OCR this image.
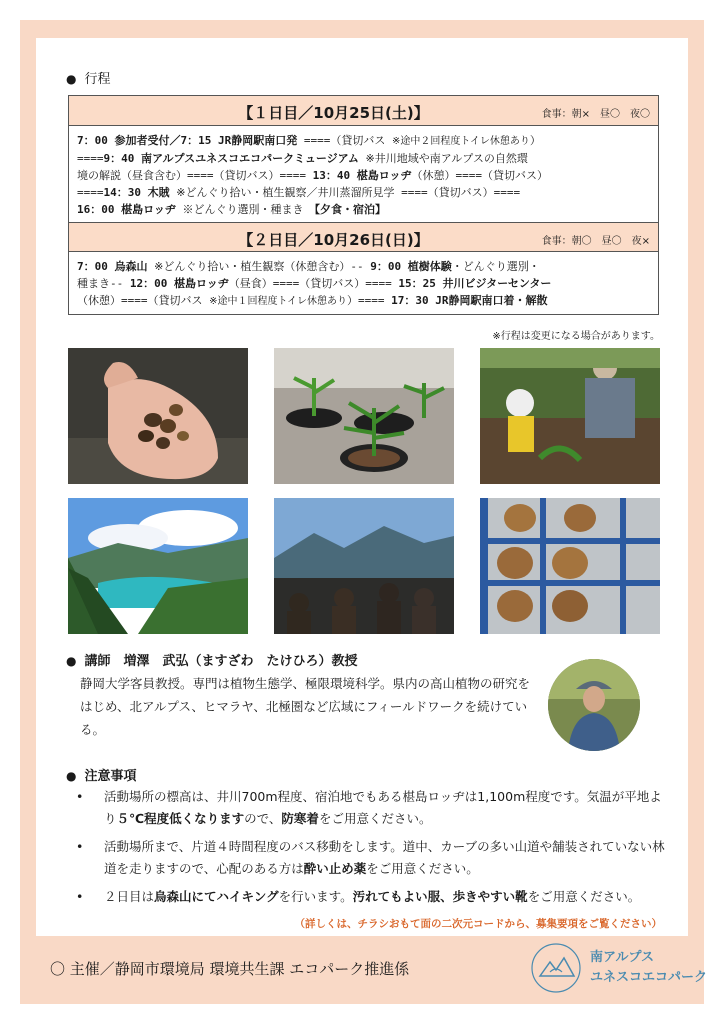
● 行程
【１日目／10月25日(土)】	食事：朝×　昼〇　夜〇
7：00 参加者受付／7：15 JR静岡駅南口発 ====（貸切バス ※途中２回程度トイレ休憩あり）
====9：40 南アルプスユネスコエコパークミュージアム ※井川地域や南アルプスの自然環
境の解説（昼食含む）====（貸切バス）==== 13：40 椹島ロッヂ（休憩）====（貸切バス）
====14：30 木賊 ※どんぐり拾い・植生観察／井川蒸溜所見学 ====（貸切バス）====
16：00 椹島ロッヂ ※どんぐり選別・種まき　【夕食・宿泊】
【２日目／10月26日(日)】	食事：朝〇　昼〇　夜×
7：00 烏森山 ※どんぐり拾い・植生観察（休憩含む）-- 9：00 植樹体験・どんぐり選別・
種まき-- 12：00 椹島ロッヂ（昼食）====（貸切バス）==== 15：25 井川ビジターセンター
（休憩）====（貸切バス ※途中１回程度トイレ休憩あり）==== 17：30 JR静岡駅南口着・解散
※行程は変更になる場合があります。
● 講師　 増澤　武弘（ますざわ　たけひろ）教授
静岡大学客員教授。専門は植物生態学、極限環境科学。県内の高山植物の研究をはじめ、北アルプス、ヒマラヤ、北極圏など広域にフィールドワークを続けている。
● 注意事項
• 活動場所の標高は、井川700m程度、宿泊地でもある椹島ロッヂは1,100m程度です。気温が平地より５℃程度低くなりますので、防寒着をご用意ください。
• 活動場所まで、片道４時間程度のバス移動をします。道中、カーブの多い山道や舗装されていない林道を走りますので、心配のある方は酔い止め薬をご用意ください。
• ２日目は烏森山にてハイキングを行います。汚れてもよい服、歩きやすい靴をご用意ください。
（詳しくは、チラシおもて面の二次元コードから、募集要項をご覧ください）
〇 主催／静岡市環境局 環境共生課 エコパーク推進係
南アルプス
ユネスコエコパーク
